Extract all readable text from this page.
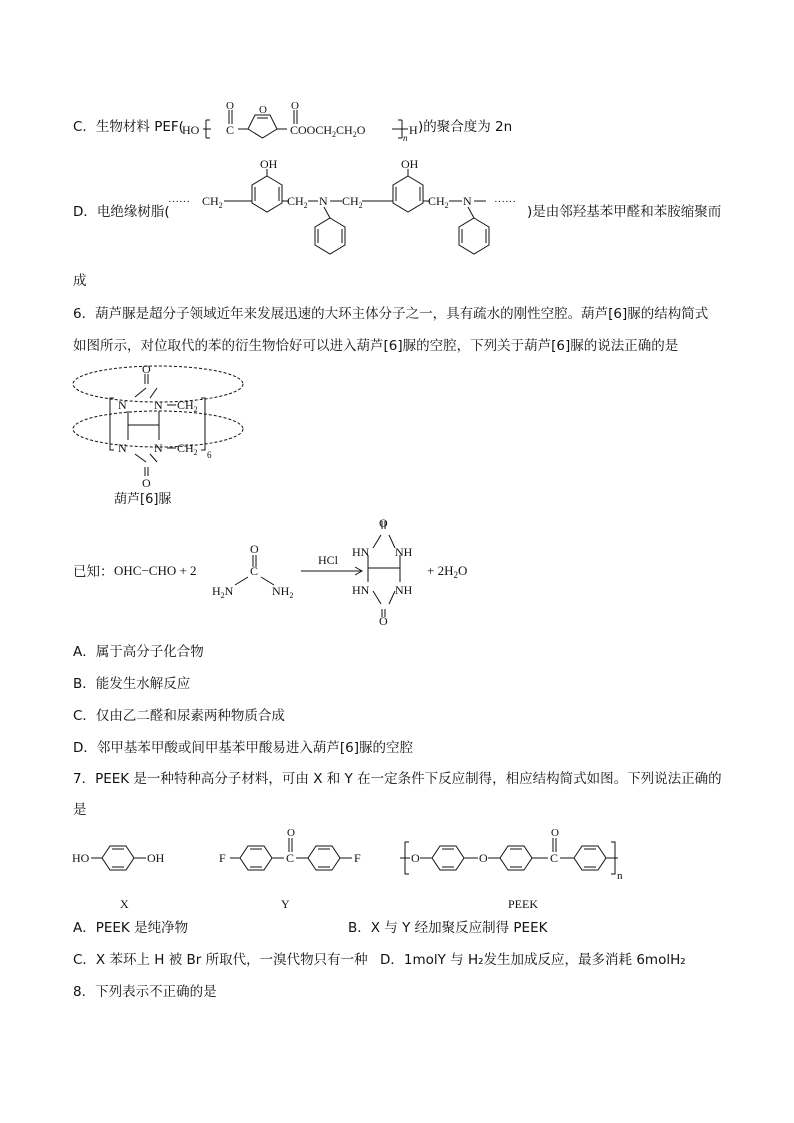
C．生物材料 PEF(
HO
O
C
O O
$COOCH_2CH_2O$
n
H )的聚合度为 2n
D．电绝缘树脂(
······ $CH_2$
OH
$CH_2$ N $CH_2$
OH
$CH_2$ N ······
)是由邻羟基苯甲醛和苯胺缩聚而
成
6．葫芦脲是超分子领域近年来发展迅速的大环主体分子之一，具有疏水的刚性空腔。葫芦[6]脲的结构简式
如图所示，对位取代的苯的衍生物恰好可以进入葫芦[6]脲的空腔，下列关于葫芦[6]脲的说法正确的是
O
N N $CH_2$
N N $CH_2$ 6
O
葫芦[6]脲
已知： OHC−CHO + 2
O
C
$H_2N$	$NH_2$
HCl
O
HN NH
HN NH
O
+ $2H_2O$
A．属于高分子化合物
B．能发生水解反应
C．仅由乙二醛和尿素两种物质合成
D．邻甲基苯甲酸或间甲基苯甲酸易进入葫芦[6]脲的空腔
7．PEEK 是一种特种高分子材料，可由 X 和 Y 在一定条件下反应制得，相应结构简式如图。下列说法正确的
是
HO	OH
X
F
O
C	F
Y
O	O
O
C
n
PEEK
A．PEEK 是纯净物	B．X 与 Y 经加聚反应制得 PEEK
C．X 苯环上 H 被 Br 所取代，一溴代物只有一种 D．1molY 与 H₂发生加成反应，最多消耗 6molH₂
8．下列表示不正确的是
